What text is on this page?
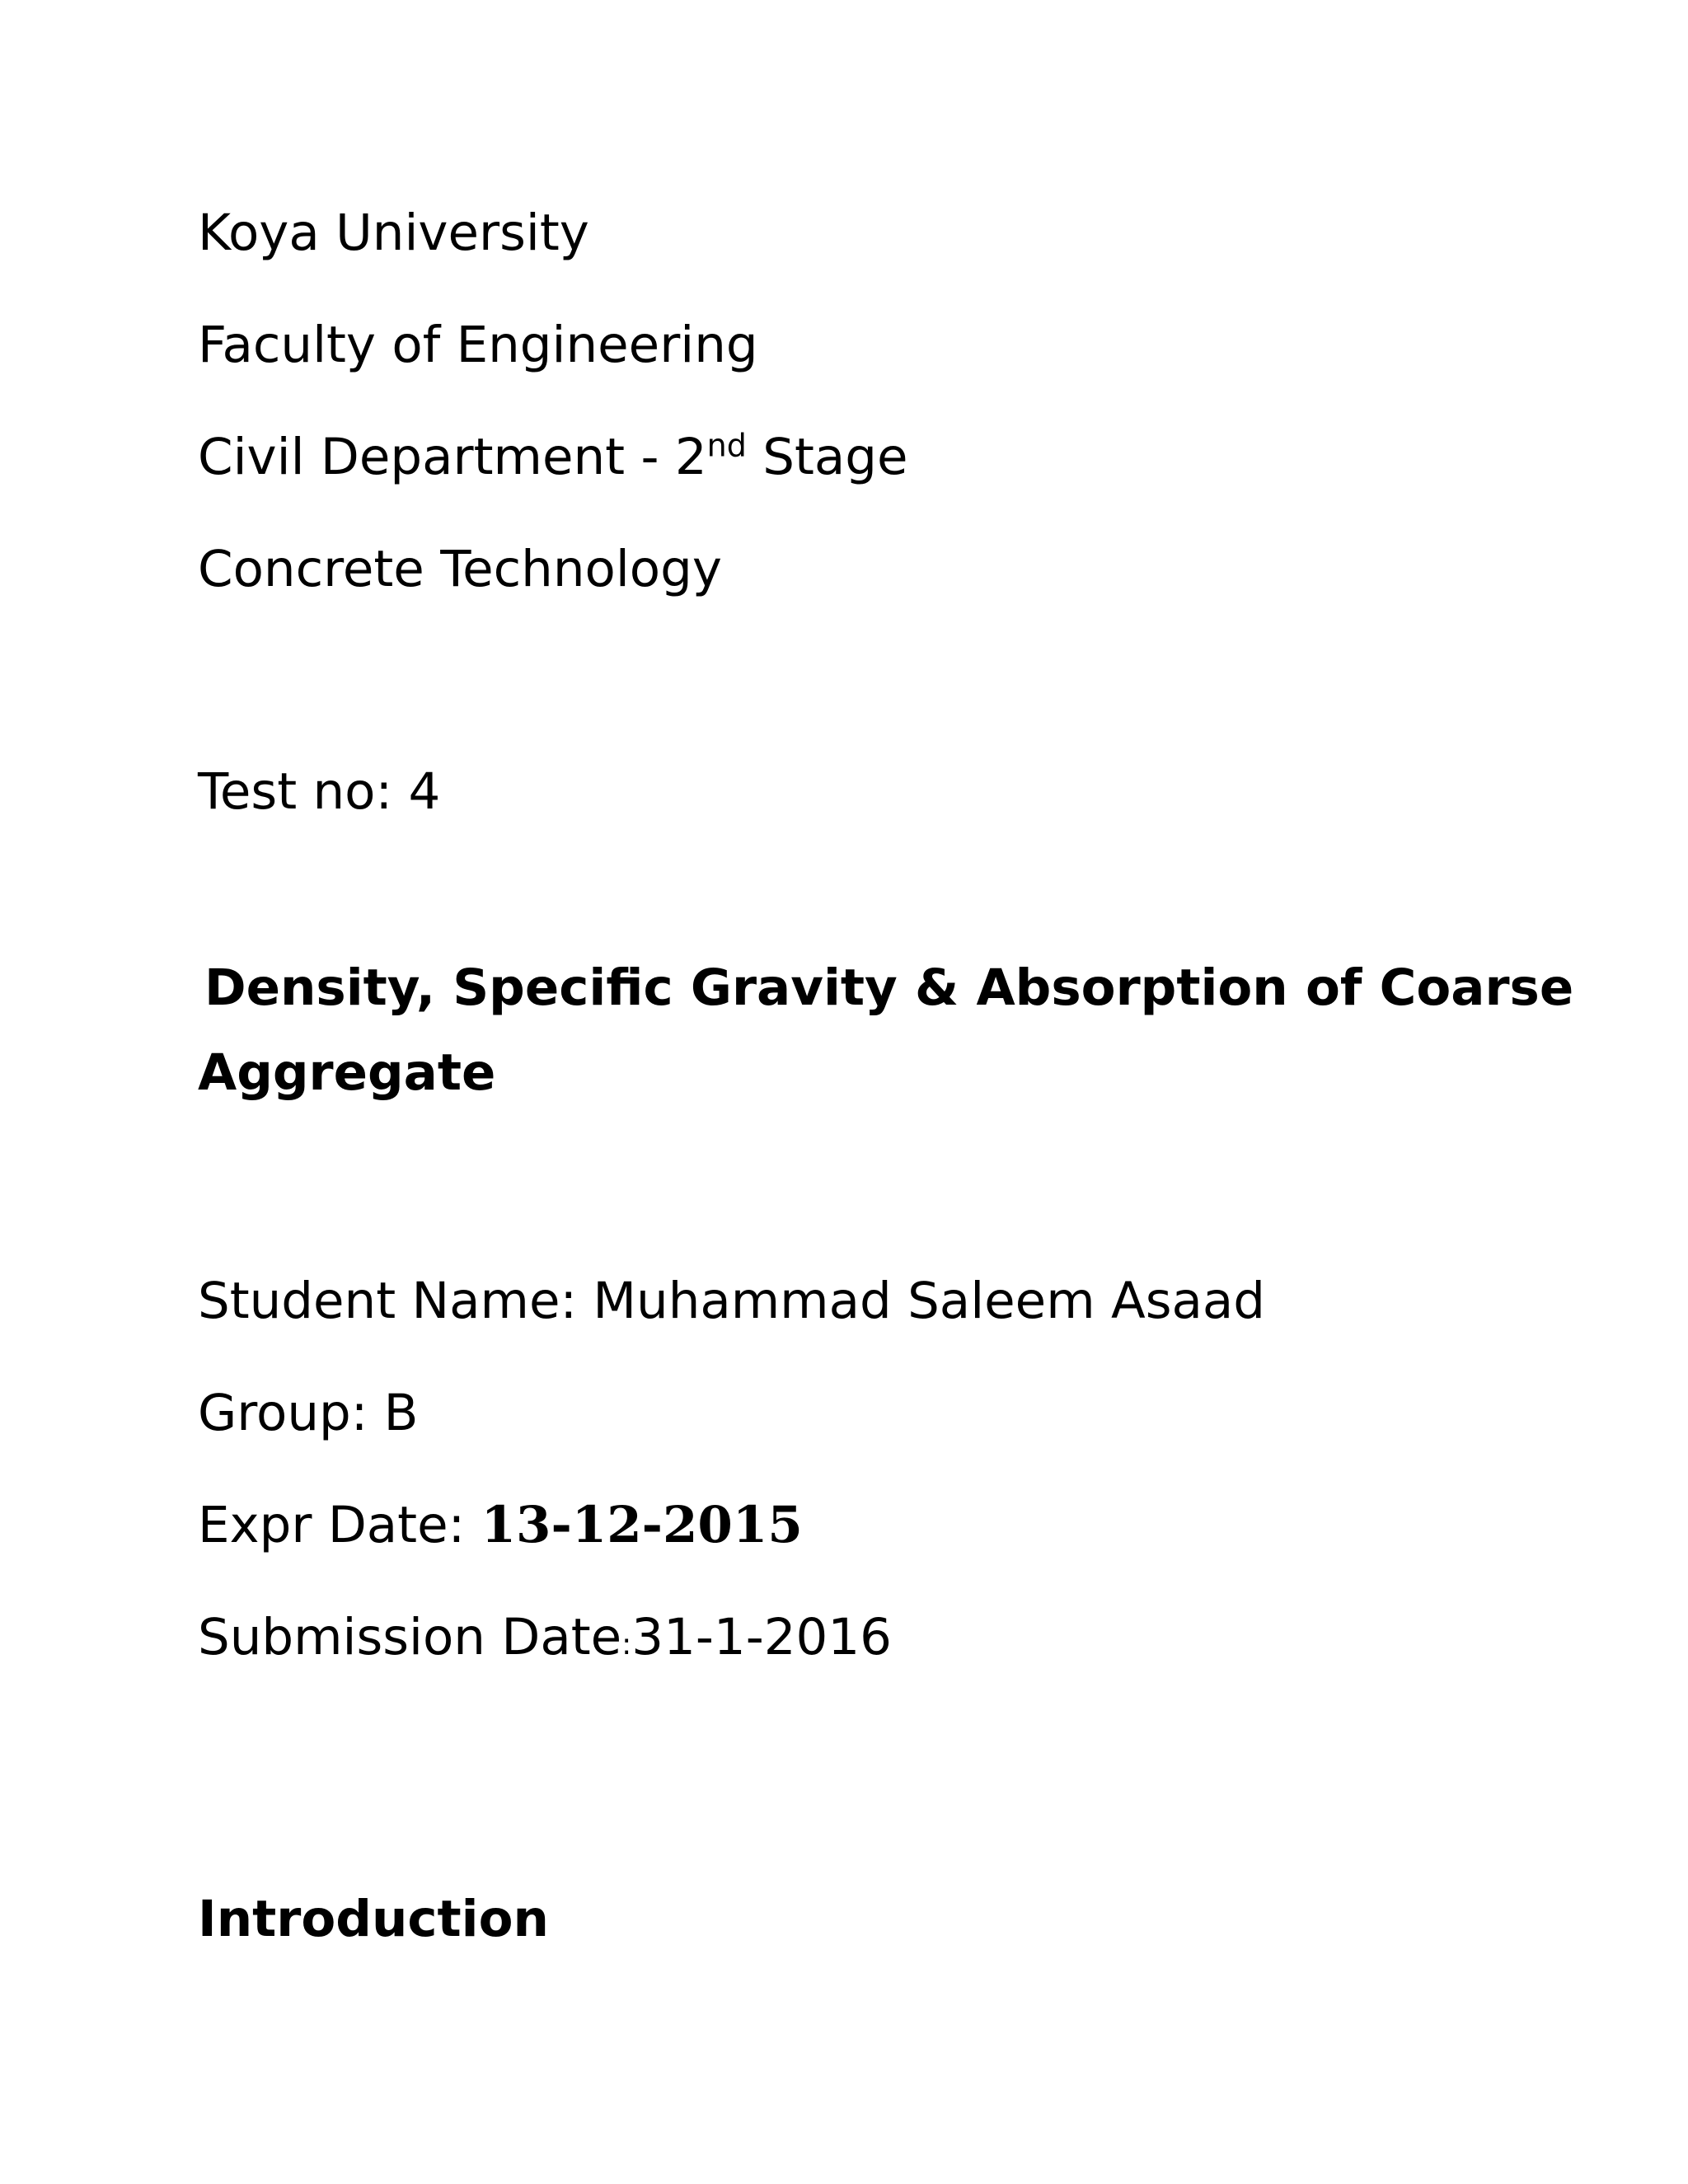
Koya University
Faculty of Engineering
Civil Department - 2nd Stage
Concrete Technology
Test no: 4
Density, Specific Gravity & Absorption of Coarse
Aggregate
Student Name: Muhammad Saleem Asaad
Group: B
Expr Date: 13-12-2015
Submission Date:31-1-2016
Introduction
